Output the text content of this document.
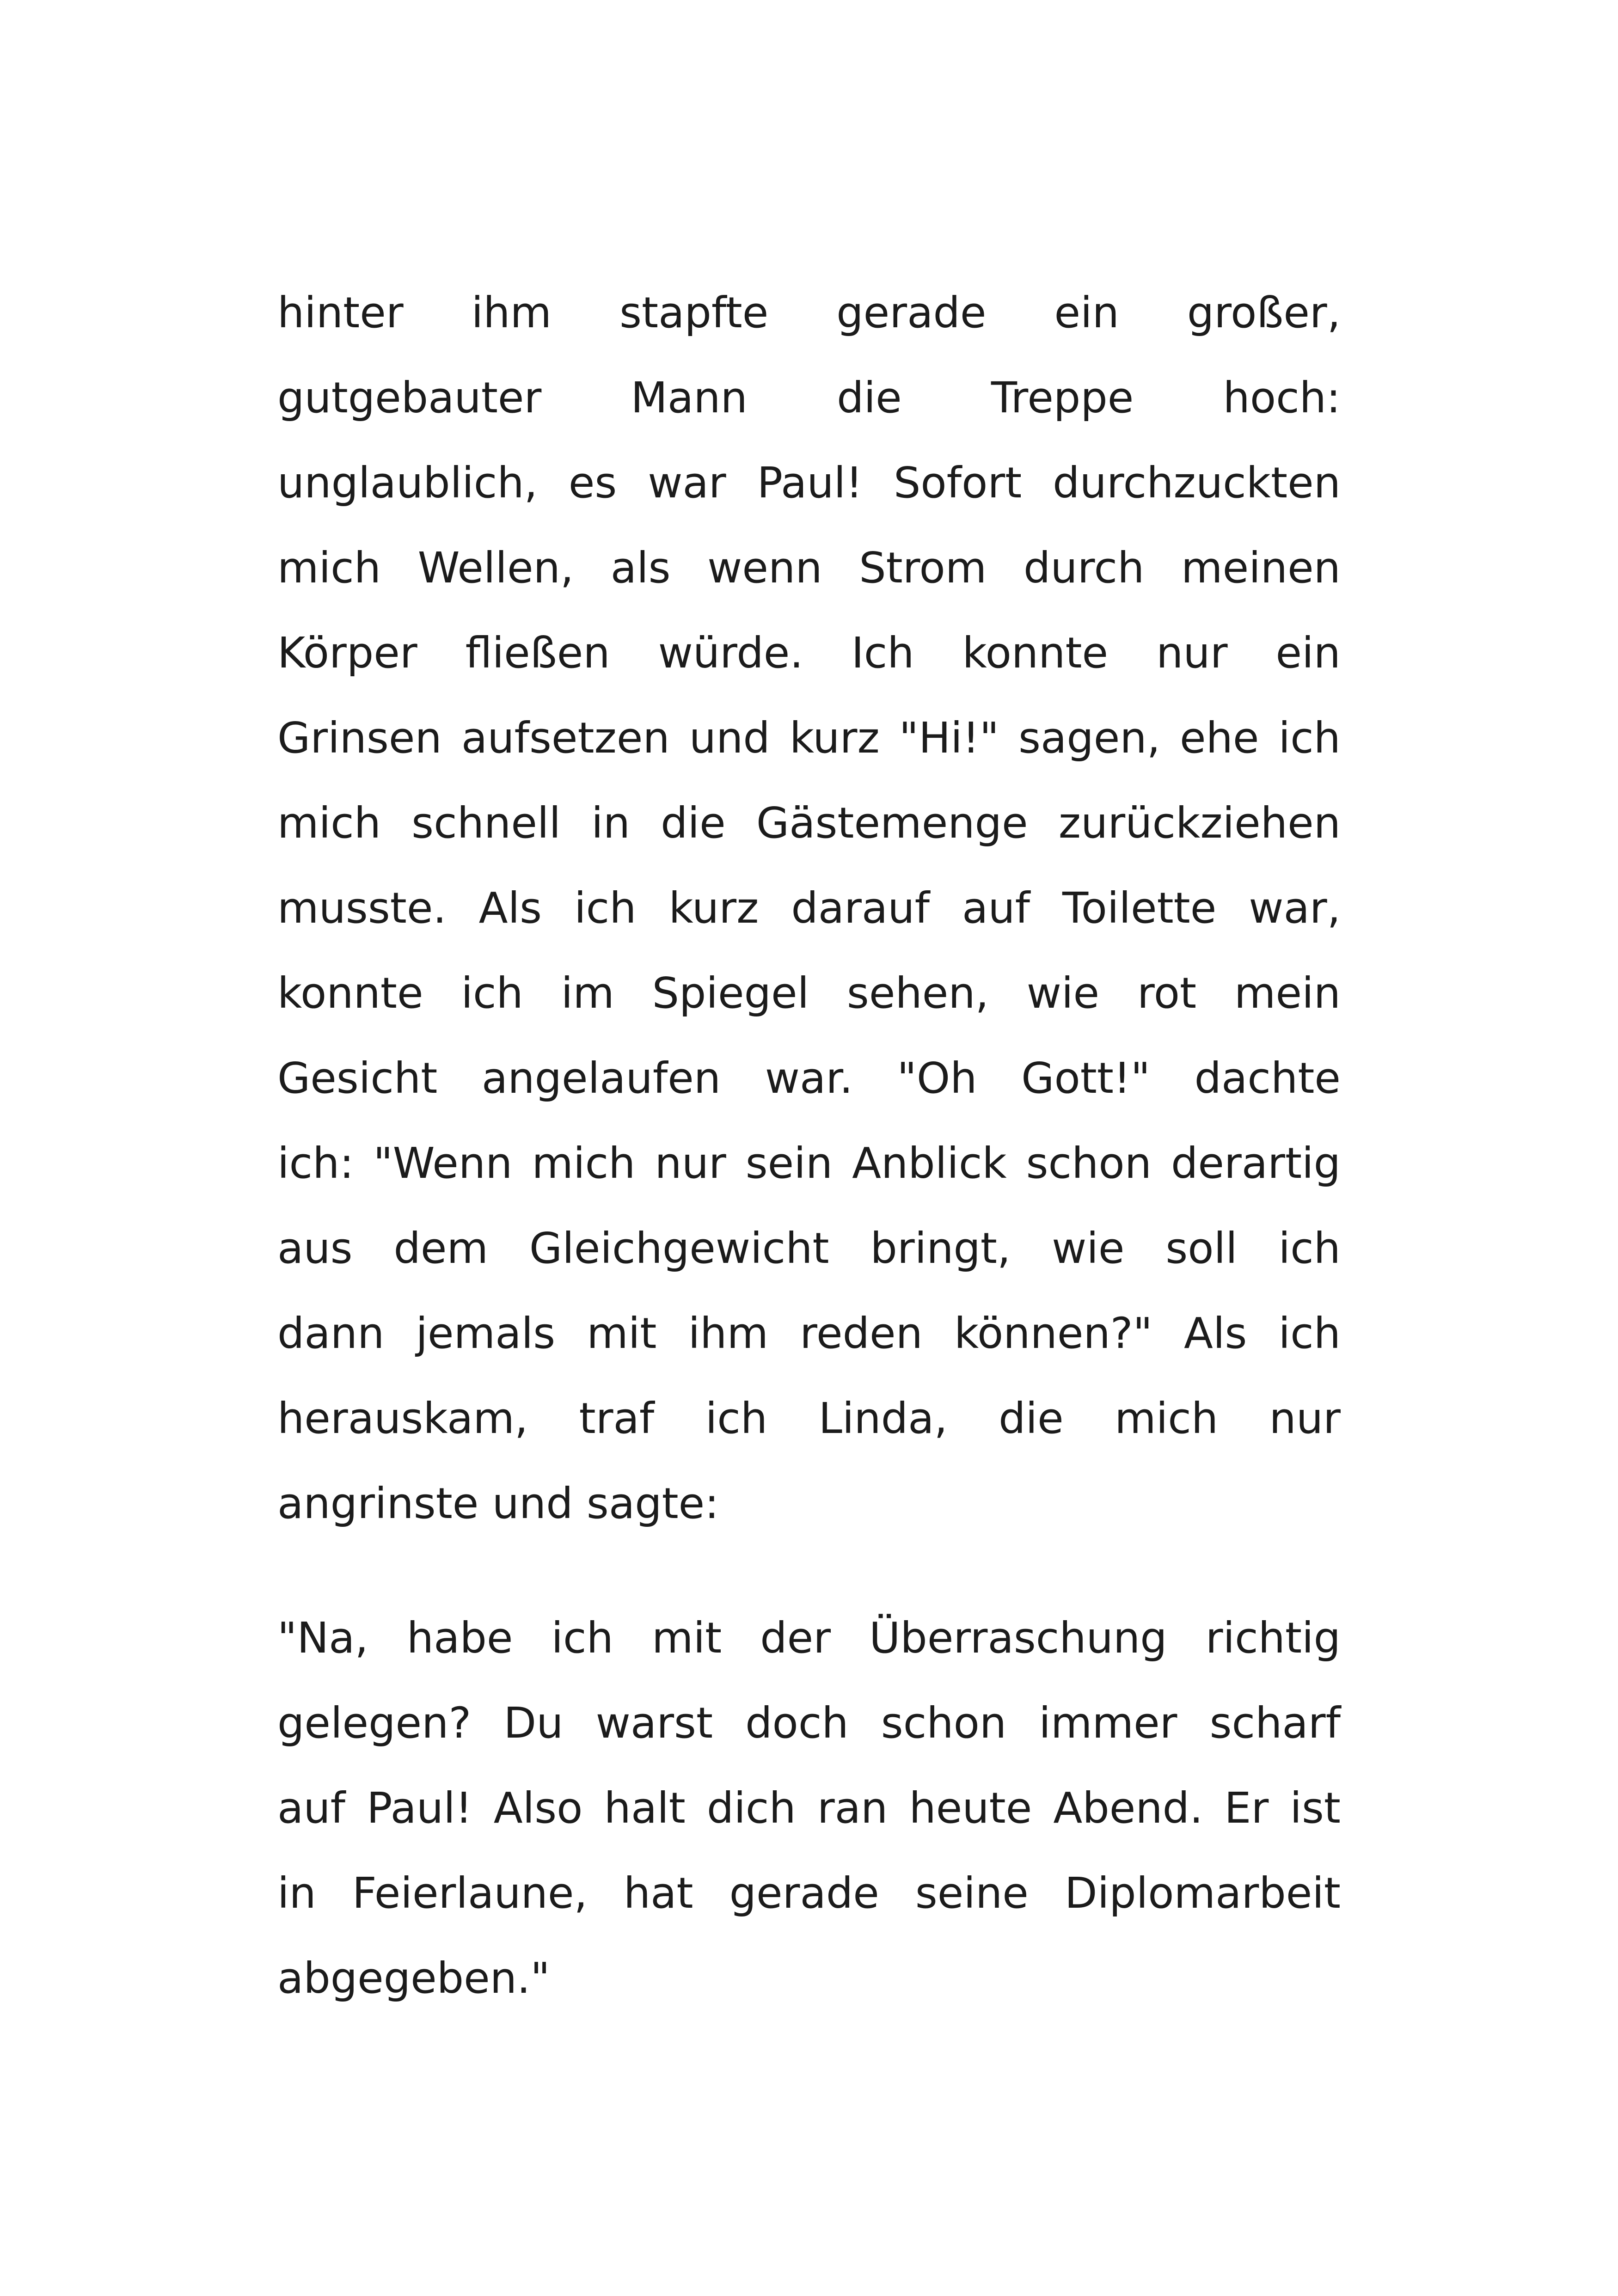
hinter ihm stapfte gerade ein großer,
gutgebauter Mann die Treppe hoch:
unglaublich, es war Paul! Sofort durchzuckten
mich Wellen, als wenn Strom durch meinen
Körper fließen würde. Ich konnte nur ein
Grinsen aufsetzen und kurz "Hi!" sagen, ehe ich
mich schnell in die Gästemenge zurückziehen
musste. Als ich kurz darauf auf Toilette war,
konnte ich im Spiegel sehen, wie rot mein
Gesicht angelaufen war. "Oh Gott!" dachte
ich: "Wenn mich nur sein Anblick schon derartig
aus dem Gleichgewicht bringt, wie soll ich
dann jemals mit ihm reden können?" Als ich
herauskam, traf ich Linda, die mich nur
angrinste und sagte:
"Na, habe ich mit der Überraschung richtig
gelegen? Du warst doch schon immer scharf
auf Paul! Also halt dich ran heute Abend. Er ist
in Feierlaune, hat gerade seine Diplomarbeit
abgegeben."
